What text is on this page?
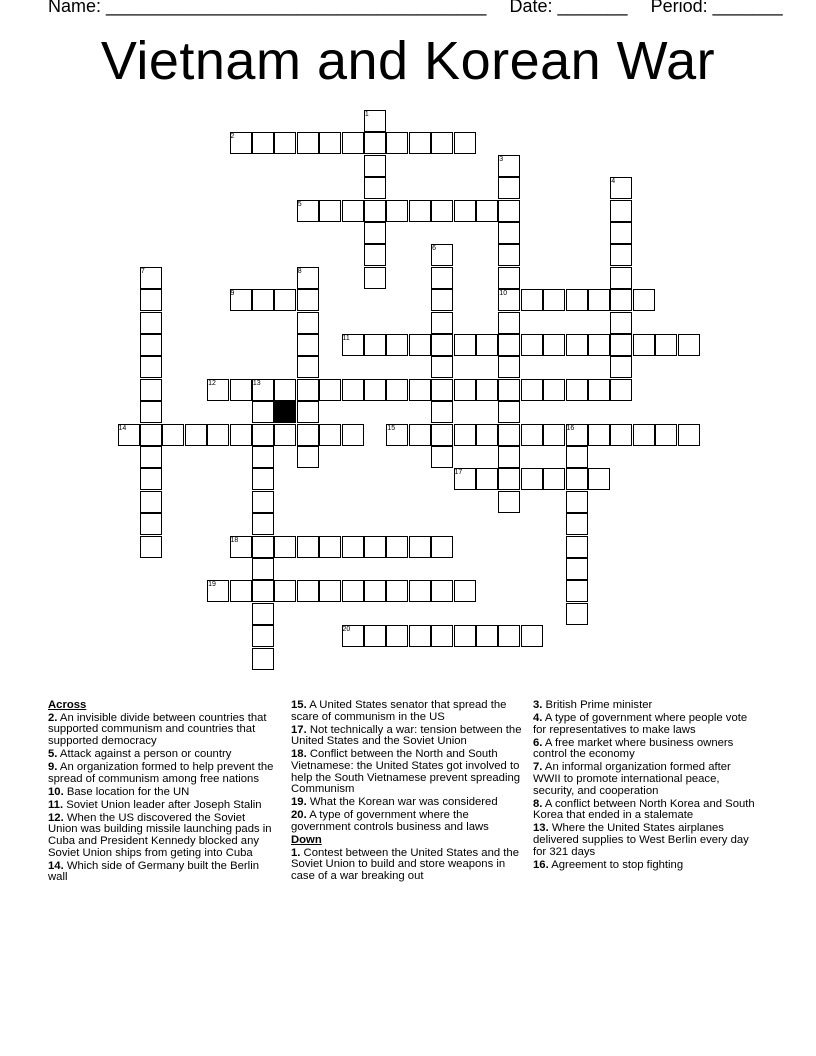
Name: ______________________________________ Date: _______ Period: _______
Vietnam and Korean War
1
2
3
4
5
6
7	8
9	10
11
12	13
14	15	16
17
18
19
20
Across
2. An invisible divide between countries that supported communism and countries that supported democracy
5. Attack against a person or country
9. An organization formed to help prevent the spread of communism among free nations
10. Base location for the UN
11. Soviet Union leader after Joseph Stalin
12. When the US discovered the Soviet Union was building missile launching pads in Cuba and President Kennedy blocked any Soviet Union ships from geting into Cuba
14. Which side of Germany built the Berlin wall
15. A United States senator that spread the scare of communism in the US
17. Not technically a war: tension between the United States and the Soviet Union
18. Conflict between the North and South Vietnamese: the United States got involved to help the South Vietnamese prevent spreading Communism
19. What the Korean war was considered
20. A type of government where the government controls business and laws
Down
1. Contest between the United States and the Soviet Union to build and store weapons in case of a war breaking out
3. British Prime minister
4. A type of government where people vote for representatives to make laws
6. A free market where business owners control the economy
7. An informal organization formed after WWII to promote international peace, security, and cooperation
8. A conflict between North Korea and South Korea that ended in a stalemate
13. Where the United States airplanes delivered supplies to West Berlin every day for 321 days
16. Agreement to stop fighting
